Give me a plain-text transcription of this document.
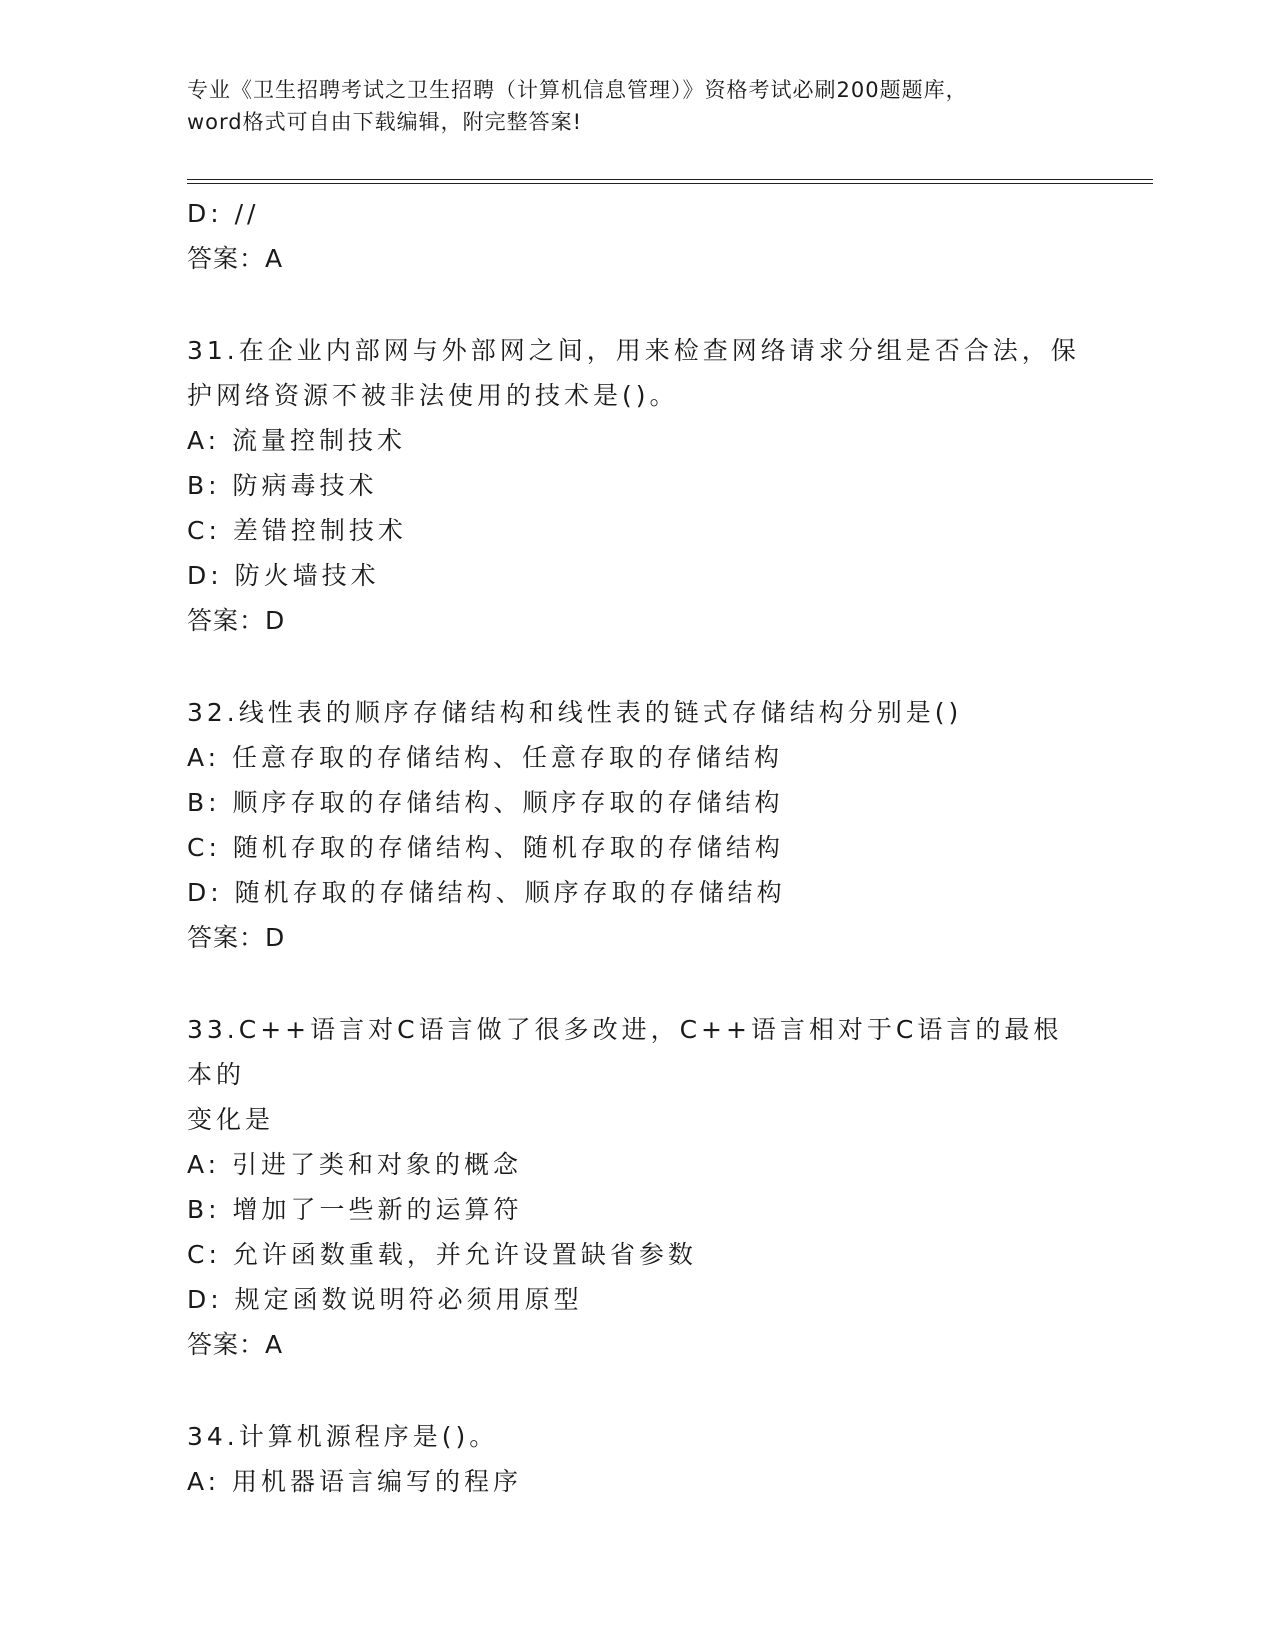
专业《卫生招聘考试之卫生招聘（计算机信息管理）》资格考试必刷200题题库，
word格式可自由下载编辑，附完整答案!
D: //
答案：A
31.在企业内部网与外部网之间，用来检查网络请求分组是否合法，保
护网络资源不被非法使用的技术是()。
A: 流量控制技术
B: 防病毒技术
C: 差错控制技术
D: 防火墙技术
答案：D
32.线性表的顺序存储结构和线性表的链式存储结构分别是()
A: 任意存取的存储结构、任意存取的存储结构
B: 顺序存取的存储结构、顺序存取的存储结构
C: 随机存取的存储结构、随机存取的存储结构
D: 随机存取的存储结构、顺序存取的存储结构
答案：D
33.C++语言对C语言做了很多改进，C++语言相对于C语言的最根本的
变化是
A: 引进了类和对象的概念
B: 增加了一些新的运算符
C: 允许函数重载，并允许设置缺省参数
D: 规定函数说明符必须用原型
答案：A
34.计算机源程序是()。
A: 用机器语言编写的程序
